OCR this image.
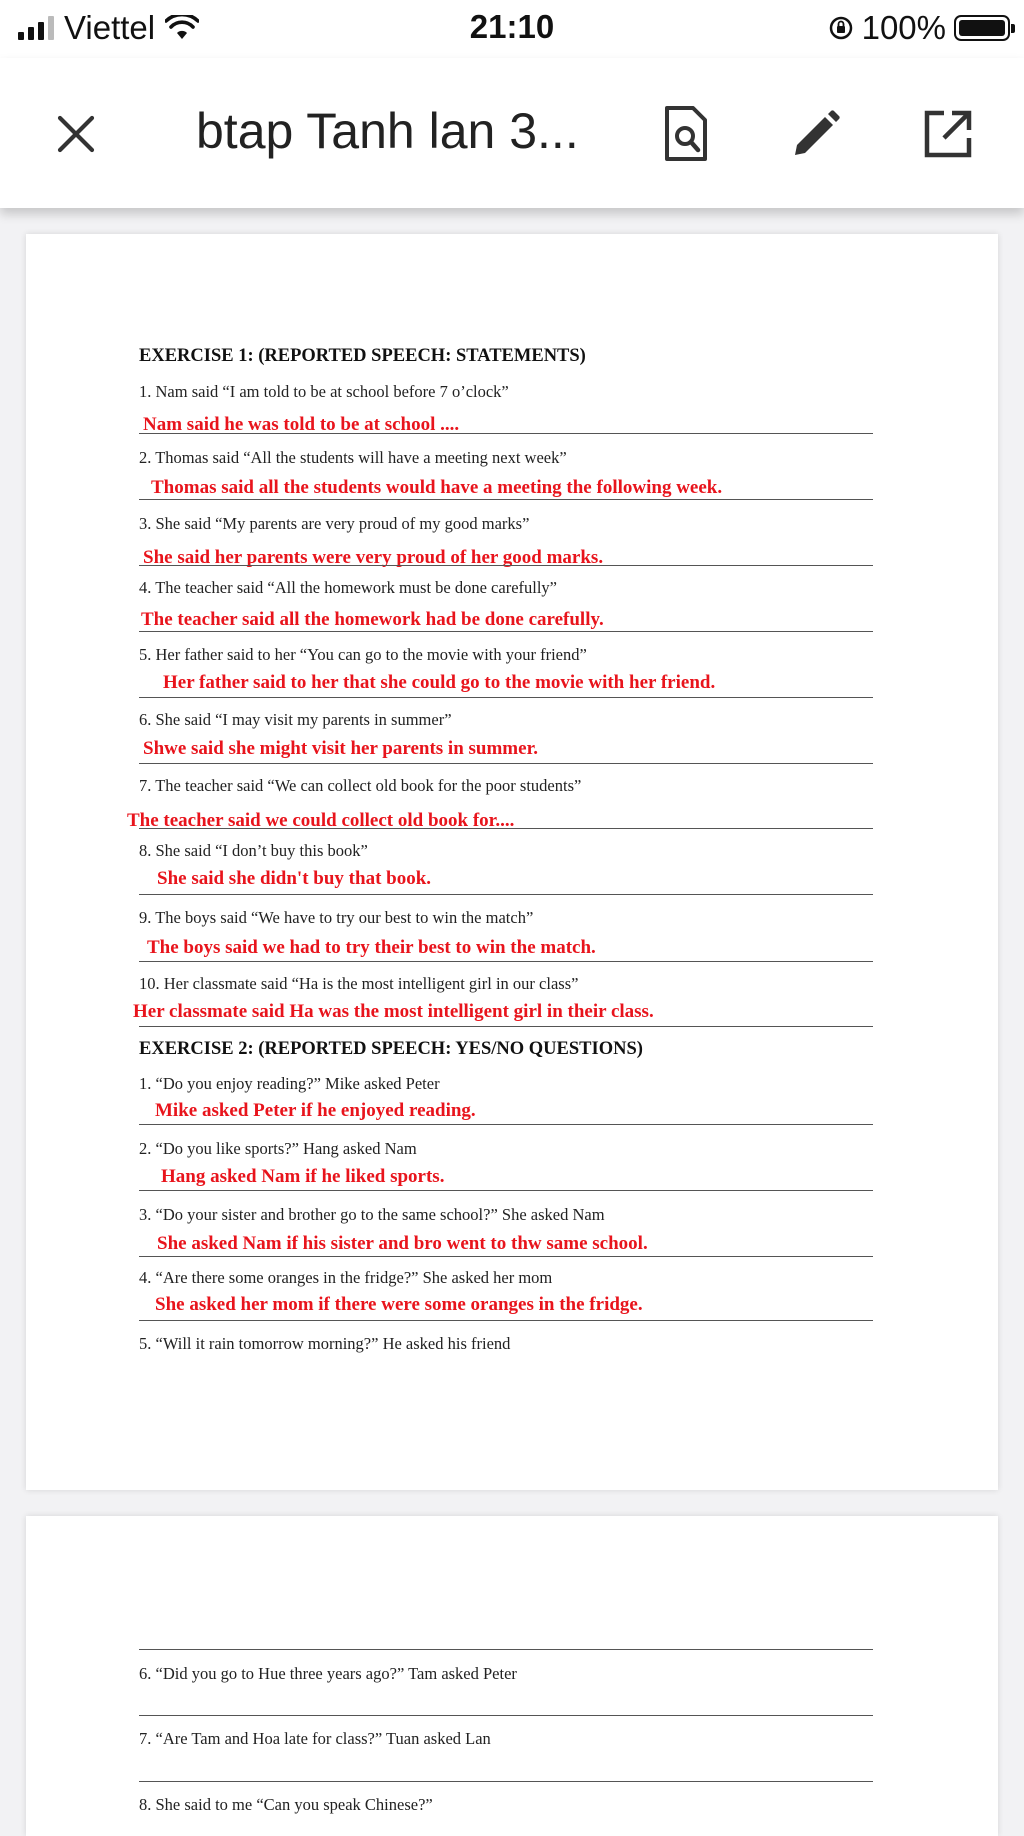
Viettel	21:10	100%
btap Tanh lan 3...
EXERCISE 1: (REPORTED SPEECH: STATEMENTS)
1. Nam said “I am told to be at school before 7 o’clock”
Nam said he was told to be at school ....
2. Thomas said “All the students will have a meeting next week”
Thomas said all the students would have a meeting the following week.
3. She said “My parents are very proud of my good marks”
She said her parents were very proud of her good marks.
4. The teacher said “All the homework must be done carefully”
The teacher said all the homework had be done carefully.
5. Her father said to her “You can go to the movie with your friend”
Her father said to her that she could go to the movie with her friend.
6. She said “I may visit my parents in summer”
Shwe said she might visit her parents in summer.
7. The teacher said “We can collect old book for the poor students”
The teacher said we could collect old book for....
8. She said “I don’t buy this book”
She said she didn't buy that book.
9. The boys said “We have to try our best to win the match”
The boys said we had to try their best to win the match.
10. Her classmate said “Ha is the most intelligent girl in our class”
Her classmate said Ha was the most intelligent girl in their class.
EXERCISE 2: (REPORTED SPEECH: YES/NO QUESTIONS)
1. “Do you enjoy reading?” Mike asked Peter
Mike asked Peter if he enjoyed reading.
2. “Do you like sports?” Hang asked Nam
Hang asked Nam if he liked sports.
3. “Do your sister and brother go to the same school?” She asked Nam
She asked Nam if his sister and bro went to thw same school.
4. “Are there some oranges in the fridge?” She asked her mom
She asked her mom if there were some oranges in the fridge.
5. “Will it rain tomorrow morning?” He asked his friend
6. “Did you go to Hue three years ago?” Tam asked Peter
7. “Are Tam and Hoa late for class?” Tuan asked Lan
8. She said to me “Can you speak Chinese?”
